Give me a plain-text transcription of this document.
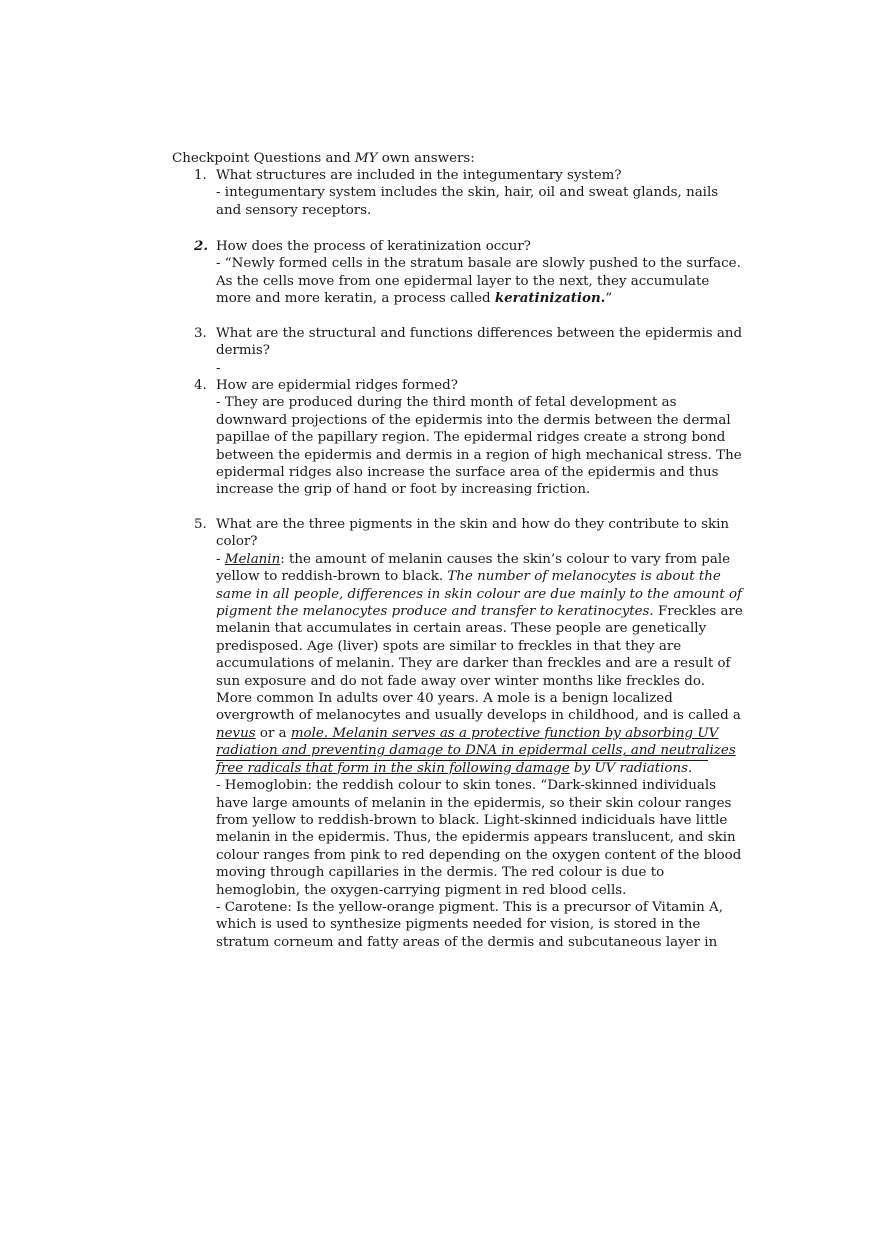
Checkpoint Questions and MY own answers:
1. What structures are included in the integumentary system?
- integumentary system includes the skin, hair, oil and sweat glands, nails
and sensory receptors.
2. How does the process of keratinization occur?
- “Newly formed cells in the stratum basale are slowly pushed to the surface.
As the cells move from one epidermal layer to the next, they accumulate
more and more keratin, a process called keratinization.”
3. What are the structural and functions differences between the epidermis and
dermis?
-
4. How are epidermial ridges formed?
- They are produced during the third month of fetal development as
downward projections of the epidermis into the dermis between the dermal
papillae of the papillary region. The epidermal ridges create a strong bond
between the epidermis and dermis in a region of high mechanical stress. The
epidermal ridges also increase the surface area of the epidermis and thus
increase the grip of hand or foot by increasing friction.
5. What are the three pigments in the skin and how do they contribute to skin
color?
- Melanin: the amount of melanin causes the skin’s colour to vary from pale
yellow to reddish-brown to black. The number of melanocytes is about the
same in all people, differences in skin colour are due mainly to the amount of
pigment the melanocytes produce and transfer to keratinocytes. Freckles are
melanin that accumulates in certain areas. These people are genetically
predisposed. Age (liver) spots are similar to freckles in that they are
accumulations of melanin. They are darker than freckles and are a result of
sun exposure and do not fade away over winter months like freckles do.
More common In adults over 40 years. A mole is a benign localized
overgrowth of melanocytes and usually develops in childhood, and is called a
nevus or a mole. Melanin serves as a protective function by absorbing UV
radiation and preventing damage to DNA in epidermal cells, and neutralizes
free radicals that form in the skin following damage by UV radiations.
- Hemoglobin: the reddish colour to skin tones. “Dark-skinned individuals
have large amounts of melanin in the epidermis, so their skin colour ranges
from yellow to reddish-brown to black. Light-skinned indiciduals have little
melanin in the epidermis. Thus, the epidermis appears translucent, and skin
colour ranges from pink to red depending on the oxygen content of the blood
moving through capillaries in the dermis. The red colour is due to
hemoglobin, the oxygen-carrying pigment in red blood cells.
- Carotene: Is the yellow-orange pigment. This is a precursor of Vitamin A,
which is used to synthesize pigments needed for vision, is stored in the
stratum corneum and fatty areas of the dermis and subcutaneous layer in
